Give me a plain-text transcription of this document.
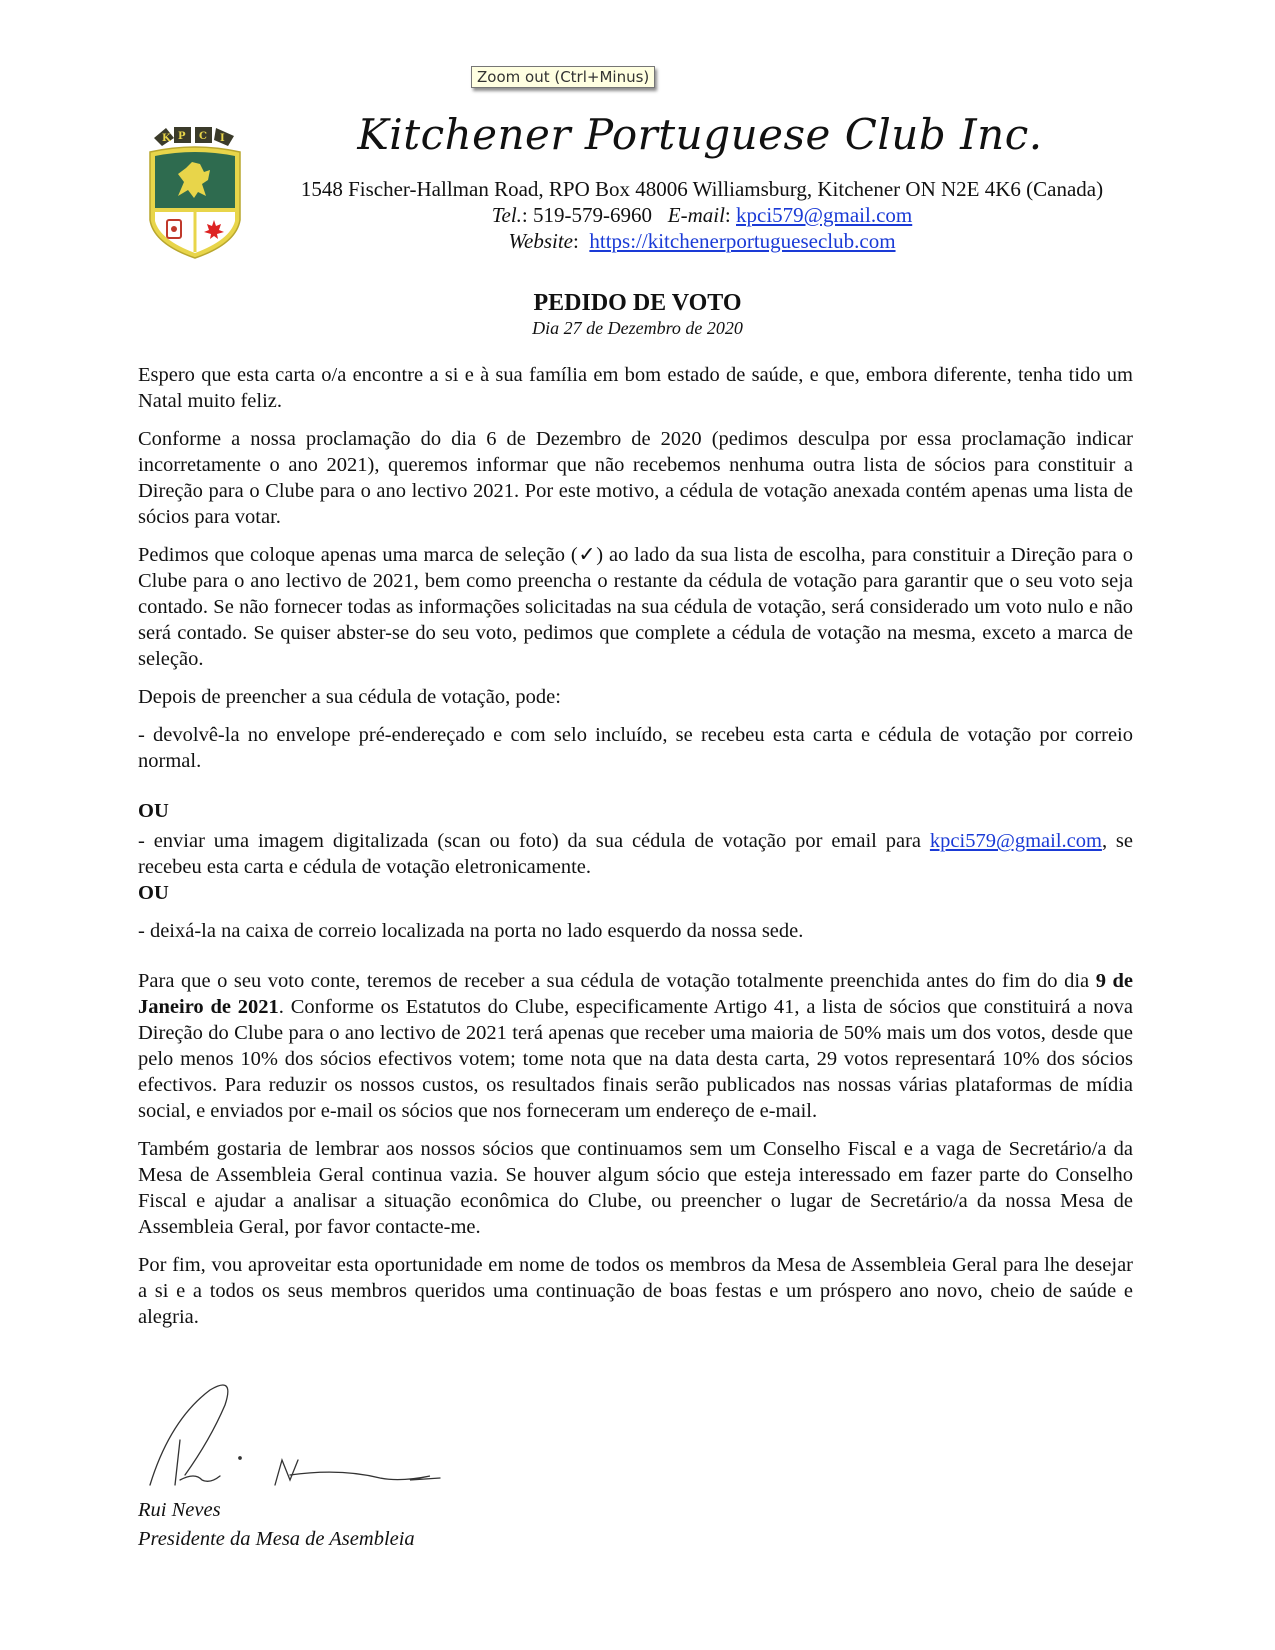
Zoom out (Ctrl+Minus)
K P C I	Kitchener Portuguese Club Inc.
1548 Fischer-Hallman Road, RPO Box 48006 Williamsburg, Kitchener ON N2E 4K6 (Canada)
Tel.: 519-579-6960 E-mail: kpci579@gmail.com
Website:  https://kitchenerportugueseclub.com
PEDIDO DE VOTO
Dia 27 de Dezembro de 2020

Espero que esta carta o/a encontre a si e à sua família em bom estado de saúde, e que, embora diferente, tenha tido um Natal muito feliz.

Conforme a nossa proclamação do dia 6 de Dezembro de 2020 (pedimos desculpa por essa proclamação indicar incorretamente o ano 2021), queremos informar que não recebemos nenhuma outra lista de sócios para constituir a Direção para o Clube para o ano lectivo 2021. Por este motivo, a cédula de votação anexada contém apenas uma lista de sócios para votar.

Pedimos que coloque apenas uma marca de seleção (✓) ao lado da sua lista de escolha, para constituir a Direção para o Clube para o ano lectivo de 2021, bem como preencha o restante da cédula de votação para garantir que o seu voto seja contado. Se não fornecer todas as informações solicitadas na sua cédula de votação, será considerado um voto nulo e não será contado. Se quiser abster-se do seu voto, pedimos que complete a cédula de votação na mesma, exceto a marca de seleção.

Depois de preencher a sua cédula de votação, pode:

- devolvê-la no envelope pré-endereçado e com selo incluído, se recebeu esta carta e cédula de votação por correio normal.

OU

- enviar uma imagem digitalizada (scan ou foto) da sua cédula de votação por email para kpci579@gmail.com, se recebeu esta carta e cédula de votação eletronicamente.

OU

- deixá-la na caixa de correio localizada na porta no lado esquerdo da nossa sede.

Para que o seu voto conte, teremos de receber a sua cédula de votação totalmente preenchida antes do fim do dia 9 de Janeiro de 2021. Conforme os Estatutos do Clube, especificamente Artigo 41, a lista de sócios que constituirá a nova Direção do Clube para o ano lectivo de 2021 terá apenas que receber uma maioria de 50% mais um dos votos, desde que pelo menos 10% dos sócios efectivos votem; tome nota que na data desta carta, 29 votos representará 10% dos sócios efectivos. Para reduzir os nossos custos, os resultados finais serão publicados nas nossas várias plataformas de mídia social, e enviados por e-mail os sócios que nos forneceram um endereço de e-mail.

Também gostaria de lembrar aos nossos sócios que continuamos sem um Conselho Fiscal e a vaga de Secretário/a da Mesa de Assembleia Geral continua vazia. Se houver algum sócio que esteja interessado em fazer parte do Conselho Fiscal e ajudar a analisar a situação econômica do Clube, ou preencher o lugar de Secretário/a da nossa Mesa de Assembleia Geral, por favor contacte-me.

Por fim, vou aproveitar esta oportunidade em nome de todos os membros da Mesa de Assembleia Geral para lhe desejar a si e a todos os seus membros queridos uma continuação de boas festas e um próspero ano novo, cheio de saúde e alegria.

Rui Neves
Presidente da Mesa de Asembleia
